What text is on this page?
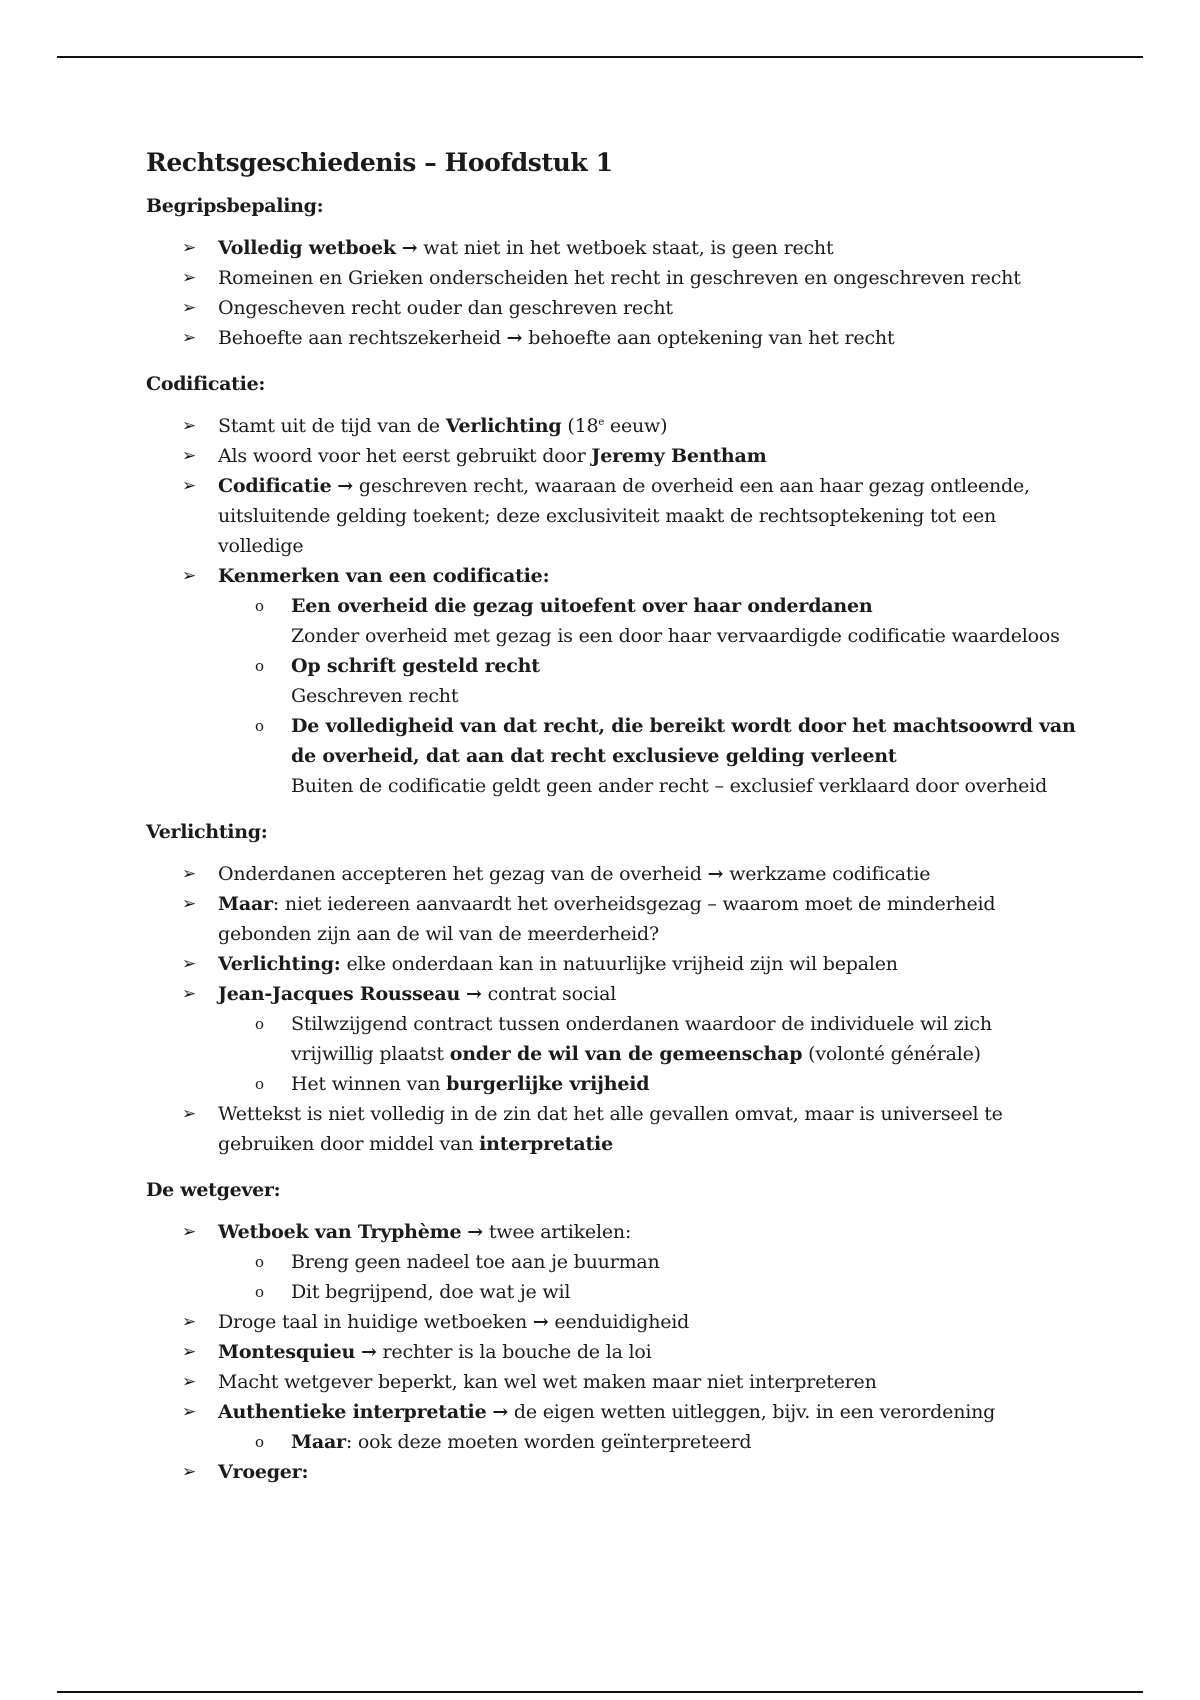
Rechtsgeschiedenis – Hoofdstuk 1
Begripsbepaling:
➢ Volledig wetboek → wat niet in het wetboek staat, is geen recht
➢ Romeinen en Grieken onderscheiden het recht in geschreven en ongeschreven recht
➢ Ongescheven recht ouder dan geschreven recht
➢ Behoefte aan rechtszekerheid → behoefte aan optekening van het recht
Codificatie:
➢ Stamt uit de tijd van de Verlichting (18e eeuw)
➢ Als woord voor het eerst gebruikt door Jeremy Bentham
➢ Codificatie → geschreven recht, waaraan de overheid een aan haar gezag ontleende, uitsluitende gelding toekent; deze exclusiviteit maakt de rechtsoptekening tot een volledige
➢ Kenmerken van een codificatie:
o Een overheid die gezag uitoefent over haar onderdanen
Zonder overheid met gezag is een door haar vervaardigde codificatie waardeloos
o Op schrift gesteld recht
Geschreven recht
o De volledigheid van dat recht, die bereikt wordt door het machtsoowrd van de overheid, dat aan dat recht exclusieve gelding verleent
Buiten de codificatie geldt geen ander recht – exclusief verklaard door overheid
Verlichting:
➢ Onderdanen accepteren het gezag van de overheid → werkzame codificatie
➢ Maar: niet iedereen aanvaardt het overheidsgezag – waarom moet de minderheid gebonden zijn aan de wil van de meerderheid?
➢ Verlichting: elke onderdaan kan in natuurlijke vrijheid zijn wil bepalen
➢ Jean-Jacques Rousseau → contrat social
o Stilwzijgend contract tussen onderdanen waardoor de individuele wil zich vrijwillig plaatst onder de wil van de gemeenschap (volonté générale)
o Het winnen van burgerlijke vrijheid
➢ Wettekst is niet volledig in de zin dat het alle gevallen omvat, maar is universeel te gebruiken door middel van interpretatie
De wetgever:
➢ Wetboek van Tryphème → twee artikelen:
o Breng geen nadeel toe aan je buurman
o Dit begrijpend, doe wat je wil
➢ Droge taal in huidige wetboeken → eenduidigheid
➢ Montesquieu → rechter is la bouche de la loi
➢ Macht wetgever beperkt, kan wel wet maken maar niet interpreteren
➢ Authentieke interpretatie → de eigen wetten uitleggen, bijv. in een verordening
o Maar: ook deze moeten worden geïnterpreteerd
➢ Vroeger:
